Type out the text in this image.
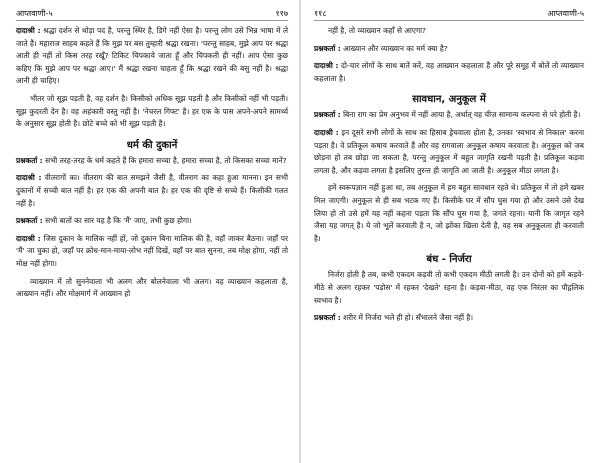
आप्तवाणी-५	११७

दादाश्री : श्रद्धा दर्शन से थोड़ा पद है, परन्तु स्थिर है, डिगे नहीं ऐसा है। परन्तु लोग उसे भिन्न भाषा में ले जाते हैं। महाराज साहब कहते हैं कि मुझ पर बस तुम्हारी श्रद्धा रखना। 'परन्तु साहब, मुझे आप पर श्रद्धा आती ही नहीं तो किस तरह रखूँ? टिकिट चिपकाये जाता हूँ और चिपकती ही नहीं। आप ऐसा कुछ कहिए कि मुझे आप पर श्रद्धा आए।' मैं श्रद्धा रखना चाहता हूँ कि श्रद्धा रखने की बसु नहीं है। श्रद्धा आनी ही चाहिए।

भीतर जो सूझ पड़ती है, वह दर्शन है। किसीको अधिक सूझ पड़ती है और किसीको नहीं भी पड़ती। सूझ कुदरती देन है। वह अहंकारी वस्तु नहीं है। 'नेचरल गिफ्ट' है। हर एक के पास अपने-अपने सामर्थ्य के अनुसार सूझ होती है। छोटे बच्चे को भी सूझ पड़ती है।

धर्म की दुकानें

प्रश्नकर्ता : सभी तरह-तरह के धर्म कहते हैं कि हमारा सच्चा है, हमारा सच्चा है, तो किसका सच्चा मानें?

दादाश्री : वीतरागों का। वीतराग की बात समझने जैसी है, वीतराग का कहा हुआ मानना। इन सभी दुकानों में सच्ची बात नहीं है। हर एक की अपनी बात है। हर एक की दृष्टि से सच्चे हैं। किसीकी गलत नहीं है।

प्रश्नकर्ता : सभी बातों का सार यह है कि 'मैं' जाए, तभी कुछ होगा।

दादाश्री : जिस दुकान के मालिक नहीं हों, जो दुकान बिना मालिक की है, वहाँ जाकर बैठना। जहाँ पर 'मैं' जा चुका हो, जहाँ पर क्रोध-मान-माया-लोभ नहीं दिखें, वहाँ पर बात सुनना, तब मोक्ष होगा, नहीं तो मोक्ष नहीं होगा।

व्याख्यान में तो सुननेवाला भी अलग और बोलनेवाला भी अलग। वह व्याख्यान कहलाता है, आख्यान नहीं। और मोक्षमार्ग में आख्यान हो

११८	आप्तवाणी-५

नहीं है, तो व्याख्यान कहाँ से आएगा?

प्रश्नकर्ता : आख्यान और व्याख्यान का मर्म क्या है?

दादाश्री : दो-चार लोगों के साथ बातें करें, वह आख्यान कहलाता है और पूरे समूह में बोलें तो व्याख्यान कहलाता है।

सावधान, अनुकूल में

प्रश्नकर्ता : बिना राग का प्रेम अनुभव में नहीं आया है, अर्थात् वह चीज़ सामान्य कल्पना से परे होती है।

दादाश्री : इन दूसरे सभी लोगों के साथ का हिसाब ड्रेचवाला होता है, उनका 'स्वभाव से निकाल' करना पड़ता है। वे प्रतिकूल कषाय करवाते हैं और वह रागवाला अनुकूल कषाय करवाता है। अनुकूल को जब छोड़ना हो तब छोड़ा जा सकता है, परन्तु अनुकूल में बहुत जागृति रखनी पड़ती है। प्रतिकूल कड़वा लगता है, और कड़वा लगता है इसलिए तुरन्त ही जागृति आ जाती है। अनुकूल मीठा लगता है।

हमें स्वरूपज्ञान नहीं हुआ था, तब अनुकूल में हम बहुत सावधान रहते थे। प्रतिकूल में तो हमें खबर मिल जाएगी। अनुकूल से ही सब भटक गए हैं। किसीके घर में सौंप घुस गया हो और उसने उसे देख लिया हो तो उसे हमें यह नहीं कहना पड़ता कि सौंप घुस गया है, जगते रहना। यानी कि जागृत रहने जैसा यह जगत् है। ये जो भूलें करवाती है न, जो झोंका खिला देती है, वह सब अनुकूलता ही करवाती है।

बंध - निर्जरा

निर्जरा होती है तब, कभी एकदम कड़वी तो कभी एकदम मीठी लगती है। उन दोनों को हमें कड़वे-मीठे से अलग रहकर 'पड़ोस' में रहकर 'देखते' रहना है। कड़वा-मीठा, वह एक निरंतर का पौद्गलिक स्वभाव है।

प्रश्नकर्ता : शरीर में निर्जरा भले ही हो। सँभालने जैसा नहीं है।
